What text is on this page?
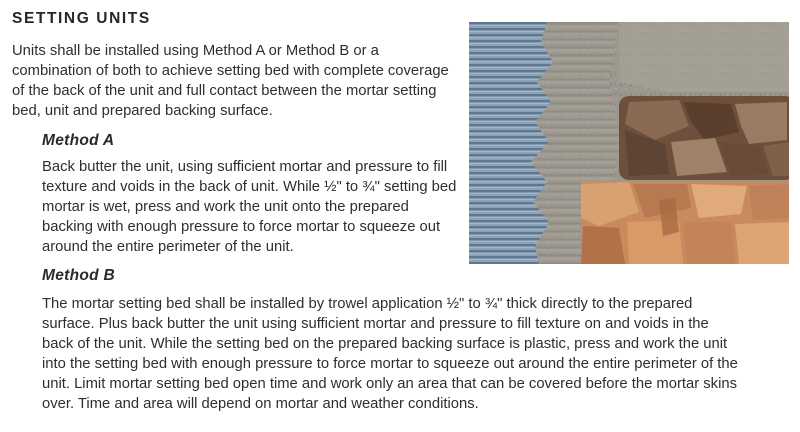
SETTING UNITS

Units shall be installed using Method A or Method B or a combination of both to achieve setting bed with complete coverage of the back of the unit and full contact between the mortar setting bed, unit and prepared backing surface.

Method A

Back butter the unit, using sufficient mortar and pressure to fill texture and voids in the back of unit. While ½" to ¾" setting bed mortar is wet, press and work the unit onto the prepared backing with enough pressure to force mortar to squeeze out around the entire perimeter of the unit.

Method B

The mortar setting bed shall be installed by trowel application ½" to ¾" thick directly to the prepared surface. Plus back butter the unit using sufficient mortar and pressure to fill texture on and voids in the back of the unit. While the setting bed on the prepared backing surface is plastic, press and work the unit into the setting bed with enough pressure to force mortar to squeeze out around the entire perimeter of the unit. Limit mortar setting bed open time and work only an area that can be covered before the mortar skins over. Time and area will depend on mortar and weather conditions.
